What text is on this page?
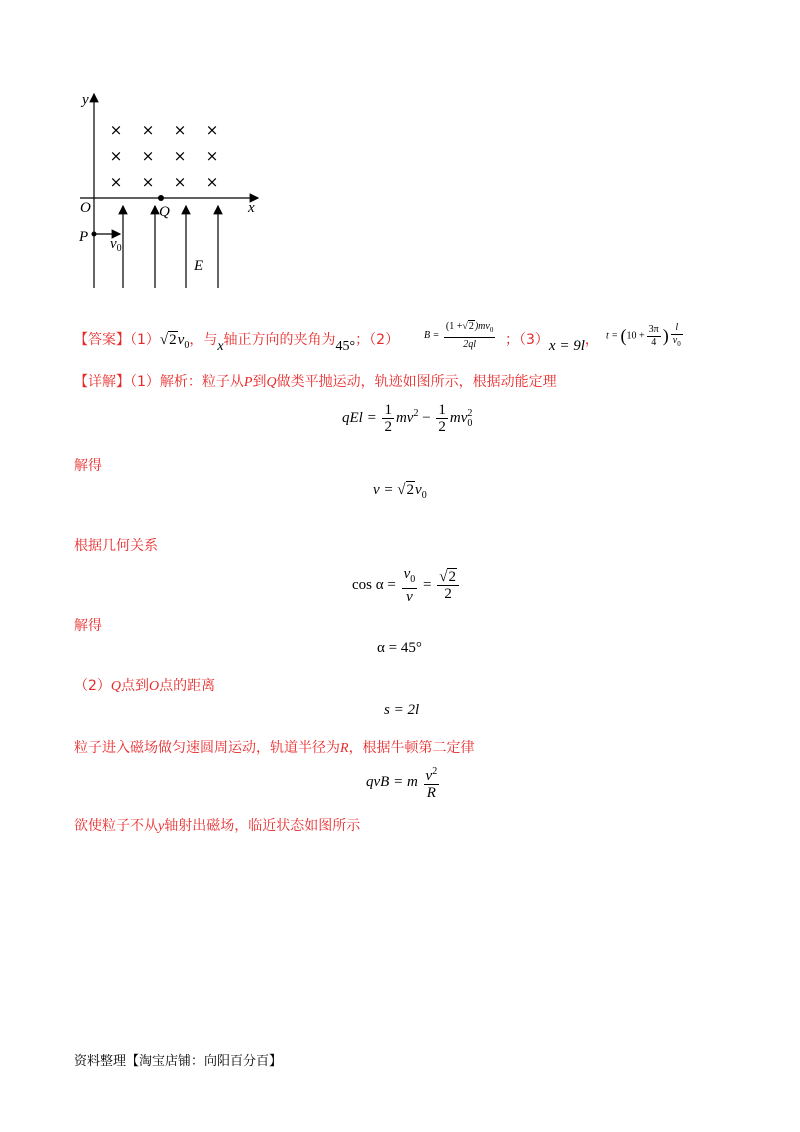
× × × ×
× × × ×
× × × ×
y
x
O	Q
P $v_0$
E
【答案】$(1)√2v_0$，与x轴正方向的夹角为45°；（2） $B = \frac{(1 +√2)mv_0}{2ql}$ ；（3）x = 9l， $t = (10 + \frac{3\pi}{4}$ ) $\frac{l}{v_0}$
【详解】（1）解析：粒子从P到Q做类平抛运动，轨迹如图所示，根据动能定理
qEl = $\frac{1}{2} mv^2 - \frac{1}{2}$ mv 2
0
解得
$v = √2v_0$
根据几何关系
$\cos \alpha = \frac{v_0}{v} = \frac{√2}{2}$
解得
α = 45°
（2）Q点到O点的距离
s = 2l
粒子进入磁场做匀速圆周运动，轨道半径为R，根据牛顿第二定律
qvB = m $\frac{v^2}{R}$
欲使粒子不从y轴射出磁场，临近状态如图所示
资料整理【淘宝店铺：向阳百分百】
